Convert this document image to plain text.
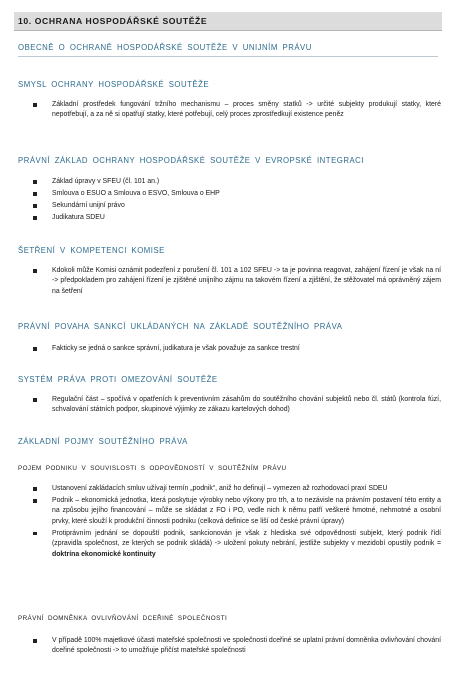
10. OCHRANA HOSPODÁŘSKÉ SOUTĚŽE
OBECNĚ O OCHRANĚ HOSPODÁŘSKÉ SOUTĚŽE V UNIJNÍM PRÁVU
SMYSL OCHRANY HOSPODÁŘSKÉ SOUTĚŽE
Základní prostředek fungování tržního mechanismu – proces směny statků -> určité subjekty produkují statky, které nepotřebují, a za ně si opatřují statky, které potřebují, celý proces zprostředkují existence peněz
PRÁVNÍ ZÁKLAD OCHRANY HOSPODÁŘSKÉ SOUTĚŽE V EVROPSKÉ INTEGRACI
Základ úpravy v SFEU (čl. 101 an.)
Smlouva o ESUO a Smlouva o ESVO, Smlouva o EHP
Sekundární unijní právo
Judikatura SDEU
ŠETŘENÍ V KOMPETENCI KOMISE
Kdokoli může Komisi oznámit podezření z porušení čl. 101 a 102 SFEU -> ta je povinna reagovat, zahájení řízení je však na ní -> předpokladem pro zahájení řízení je zjištěné unijního zájmu na takovém řízení a zjištění, že stěžovatel má oprávněný zájem na šetření
PRÁVNÍ POVAHA SANKCÍ UKLÁDANÝCH NA ZÁKLADĚ SOUTĚŽNÍHO PRÁVA
Fakticky se jedná o sankce správní, judikatura je však považuje za sankce trestní
SYSTÉM PRÁVA PROTI OMEZOVÁNÍ SOUTĚŽE
Regulační část – spočívá v opatřeních k preventivním zásahům do soutěžního chování subjektů nebo čl. států (kontrola fúzí, schvalování státních podpor, skupinové výjimky ze zákazu kartelových dohod)
ZÁKLADNÍ POJMY SOUTĚŽNÍHO PRÁVA
POJEM PODNIKU V SOUVISLOSTI S ODPOVĚDNOSTÍ V SOUTĚŽNÍM PRÁVU
Ustanovení zakládacích smluv užívají termín „podnik“, aniž ho definují – vymezen až rozhodovací praxí SDEU
Podnik – ekonomická jednotka, která poskytuje výrobky nebo výkony pro trh, a to nezávisle na právním postavení této entity a na způsobu jejího financování – může se skládat z FO i PO, vedle nich k němu patří veškeré hmotné, nehmotné a osobní prvky, které slouží k produkční činnosti podniku (celková definice se liší od české právní úpravy)
Protiprávním jednání se dopouští podnik, sankcionován je však z hlediska své odpovědnosti subjekt, který podnik řídí (zpravidla společnost, ze kterých se podnik skládá) -> uložení pokuty nebrání, jestliže subjekty v mezidobí opustily podnik = doktrína ekonomické kontinuity
PRÁVNÍ DOMNĚNKA OVLIVŇOVÁNÍ DCEŘINÉ SPOLEČNOSTI
V případě 100% majetkové účasti mateřské společnosti ve společnosti dceřiné se uplatní právní domněnka ovlivňování chování dceřiné společnosti -> to umožňuje přičíst mateřské společnosti
